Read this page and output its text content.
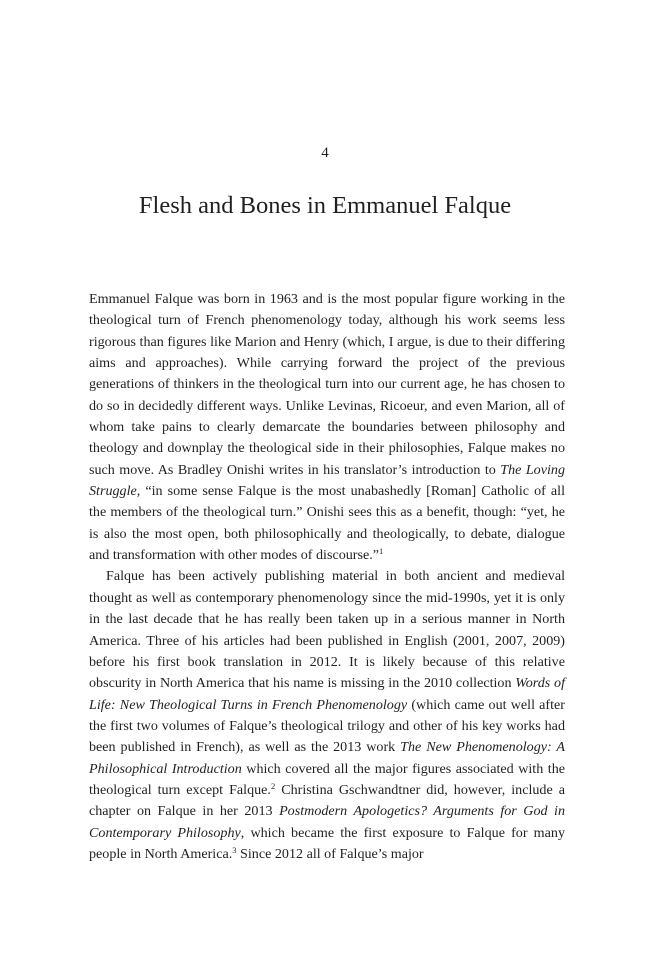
4
Flesh and Bones in Emmanuel Falque

Emmanuel Falque was born in 1963 and is the most popular figure working in the theological turn of French phenomenology today, although his work seems less rigorous than figures like Marion and Henry (which, I argue, is due to their differing aims and approaches). While carrying forward the project of the previous generations of thinkers in the theological turn into our current age, he has chosen to do so in decidedly different ways. Unlike Levinas, Ricoeur, and even Marion, all of whom take pains to clearly demarcate the boundaries between philosophy and theology and downplay the theological side in their philosophies, Falque makes no such move. As Bradley Onishi writes in his translator’s introduction to The Loving Struggle, “in some sense Falque is the most unabashedly [Roman] Catholic of all the members of the theological turn.” Onishi sees this as a benefit, though: “yet, he is also the most open, both philosophically and theologically, to debate, dialogue and transformation with other modes of discourse.”$^1$

Falque has been actively publishing material in both ancient and medieval thought as well as contemporary phenomenology since the mid-1990s, yet it is only in the last decade that he has really been taken up in a serious manner in North America. Three of his articles had been published in English (2001, 2007, 2009) before his first book translation in 2012. It is likely because of this relative obscurity in North America that his name is missing in the 2010 collection Words of Life: New Theological Turns in French Phenomenology (which came out well after the first two volumes of Falque’s theological trilogy and other of his key works had been published in French), as well as the 2013 work The New Phenomenology: A Philosophical Introduction which covered all the major figures associated with the theological turn except Falque.$^2$ Christina Gschwandtner did, however, include a chapter on Falque in her 2013 Postmodern Apologetics? Arguments for God in Contemporary Philosophy, which became the first exposure to Falque for many people in North America.$^3$ Since 2012 all of Falque’s major
